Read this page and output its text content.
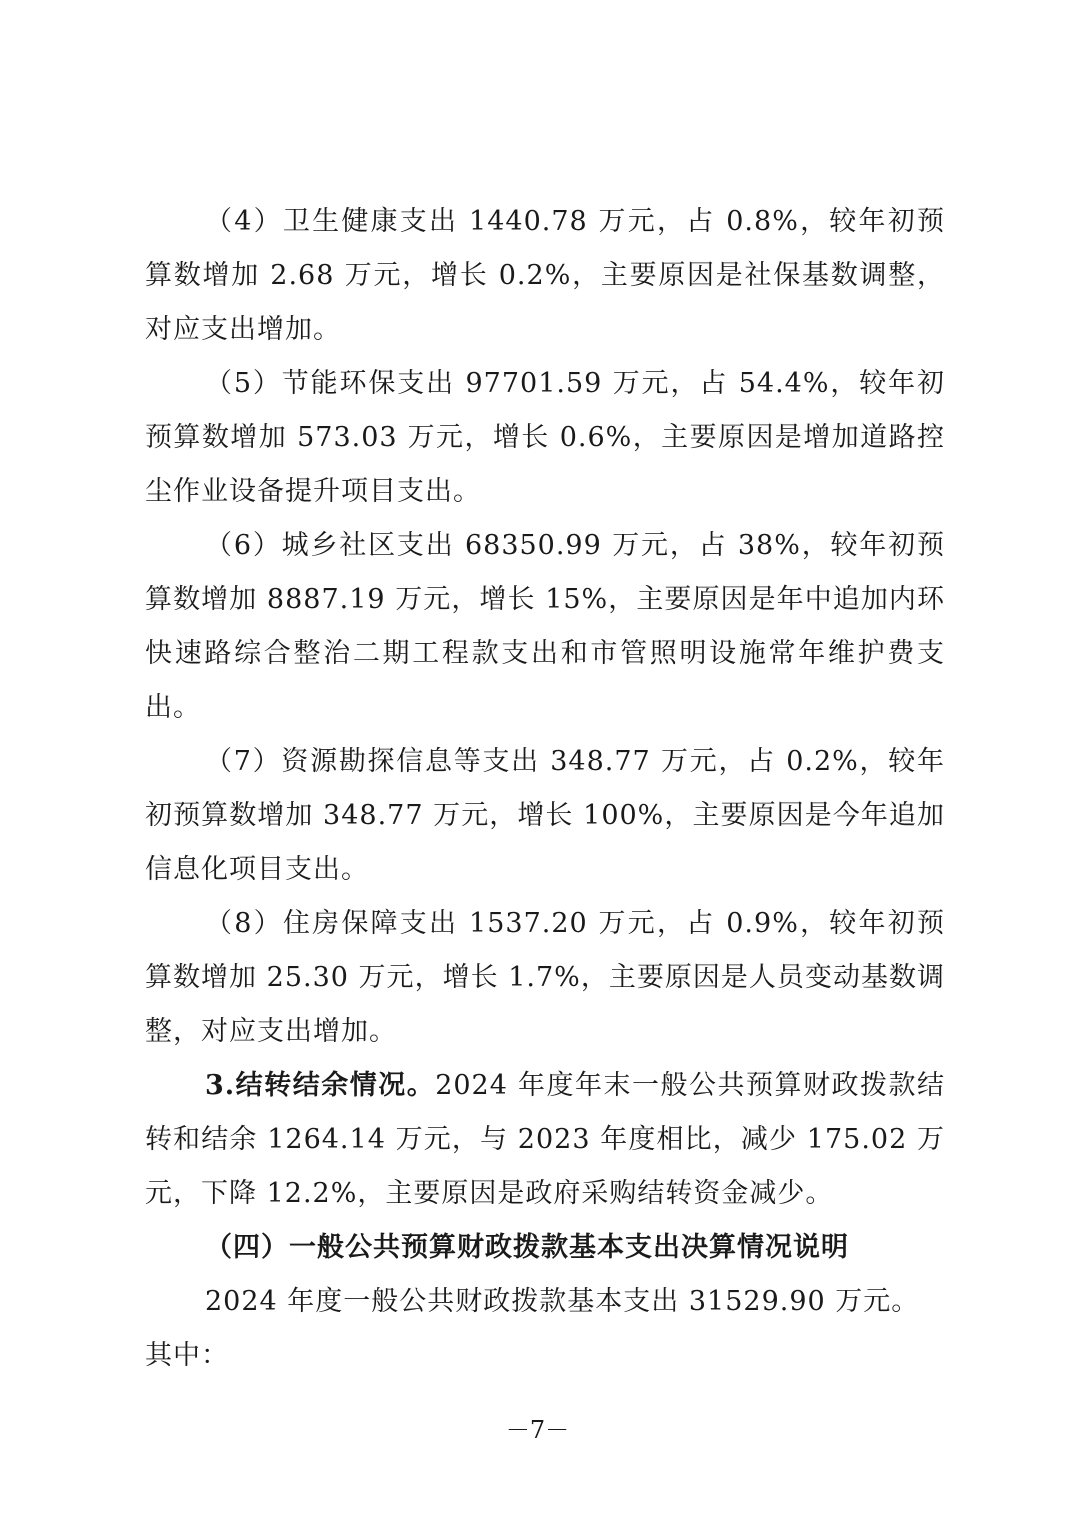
（4）卫生健康支出 1440.78 万元，占 0.8%，较年初预算数增加 2.68 万元，增长 0.2%，主要原因是社保基数调整，对应支出增加。

（5）节能环保支出 97701.59 万元，占 54.4%，较年初预算数增加 573.03 万元，增长 0.6%，主要原因是增加道路控尘作业设备提升项目支出。

（6）城乡社区支出 68350.99 万元，占 38%，较年初预算数增加 8887.19 万元，增长 15%，主要原因是年中追加内环快速路综合整治二期工程款支出和市管照明设施常年维护费支出。

（7）资源勘探信息等支出 348.77 万元，占 0.2%，较年初预算数增加 348.77 万元，增长 100%，主要原因是今年追加信息化项目支出。

（8）住房保障支出 1537.20 万元，占 0.9%，较年初预算数增加 25.30 万元，增长 1.7%，主要原因是人员变动基数调整，对应支出增加。

3.结转结余情况。2024 年度年末一般公共预算财政拨款结转和结余 1264.14 万元，与 2023 年度相比，减少 175.02 万元，下降 12.2%，主要原因是政府采购结转资金减少。

（四）一般公共预算财政拨款基本支出决算情况说明

2024 年度一般公共财政拨款基本支出 31529.90 万元。

其中：

－7－
